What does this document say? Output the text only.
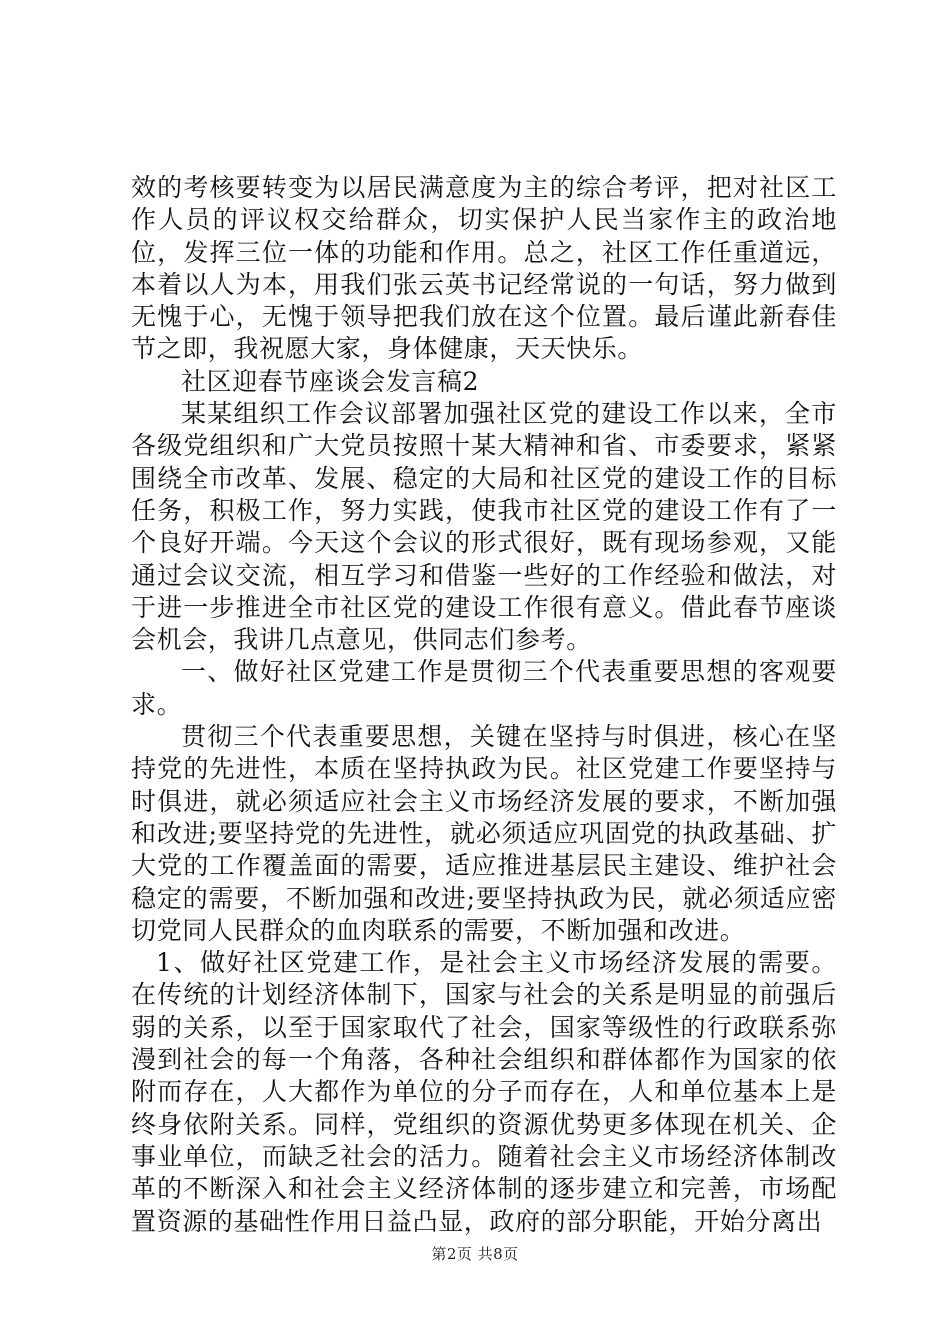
效的考核要转变为以居民满意度为主的综合考评，把对社区工作人员的评议权交给群众，切实保护人民当家作主的政治地位，发挥三位一体的功能和作用。总之，社区工作任重道远，本着以人为本，用我们张云英书记经常说的一句话，努力做到无愧于心，无愧于领导把我们放在这个位置。最后谨此新春佳节之即，我祝愿大家，身体健康，天天快乐。

社区迎春节座谈会发言稿2

某某组织工作会议部署加强社区党的建设工作以来，全市各级党组织和广大党员按照十某大精神和省、市委要求，紧紧围绕全市改革、发展、稳定的大局和社区党的建设工作的目标任务，积极工作，努力实践，使我市社区党的建设工作有了一个良好开端。今天这个会议的形式很好，既有现场参观，又能通过会议交流，相互学习和借鉴一些好的工作经验和做法，对于进一步推进全市社区党的建设工作很有意义。借此春节座谈会机会，我讲几点意见，供同志们参考。

一、做好社区党建工作是贯彻三个代表重要思想的客观要求。

贯彻三个代表重要思想，关键在坚持与时俱进，核心在坚持党的先进性，本质在坚持执政为民。社区党建工作要坚持与时俱进，就必须适应社会主义市场经济发展的要求，不断加强和改进;要坚持党的先进性，就必须适应巩固党的执政基础、扩大党的工作覆盖面的需要，适应推进基层民主建设、维护社会稳定的需要，不断加强和改进;要坚持执政为民，就必须适应密切党同人民群众的血肉联系的需要，不断加强和改进。

1、做好社区党建工作，是社会主义市场经济发展的需要。在传统的计划经济体制下，国家与社会的关系是明显的前强后弱的关系，以至于国家取代了社会，国家等级性的行政联系弥漫到社会的每一个角落，各种社会组织和群体都作为国家的依附而存在，人大都作为单位的分子而存在，人和单位基本上是终身依附关系。同样，党组织的资源优势更多体现在机关、企事业单位，而缺乏社会的活力。随着社会主义市场经济体制改革的不断深入和社会主义经济体制的逐步建立和完善，市场配置资源的基础性作用日益凸显，政府的部分职能，开始分离出

第2页 共8页
